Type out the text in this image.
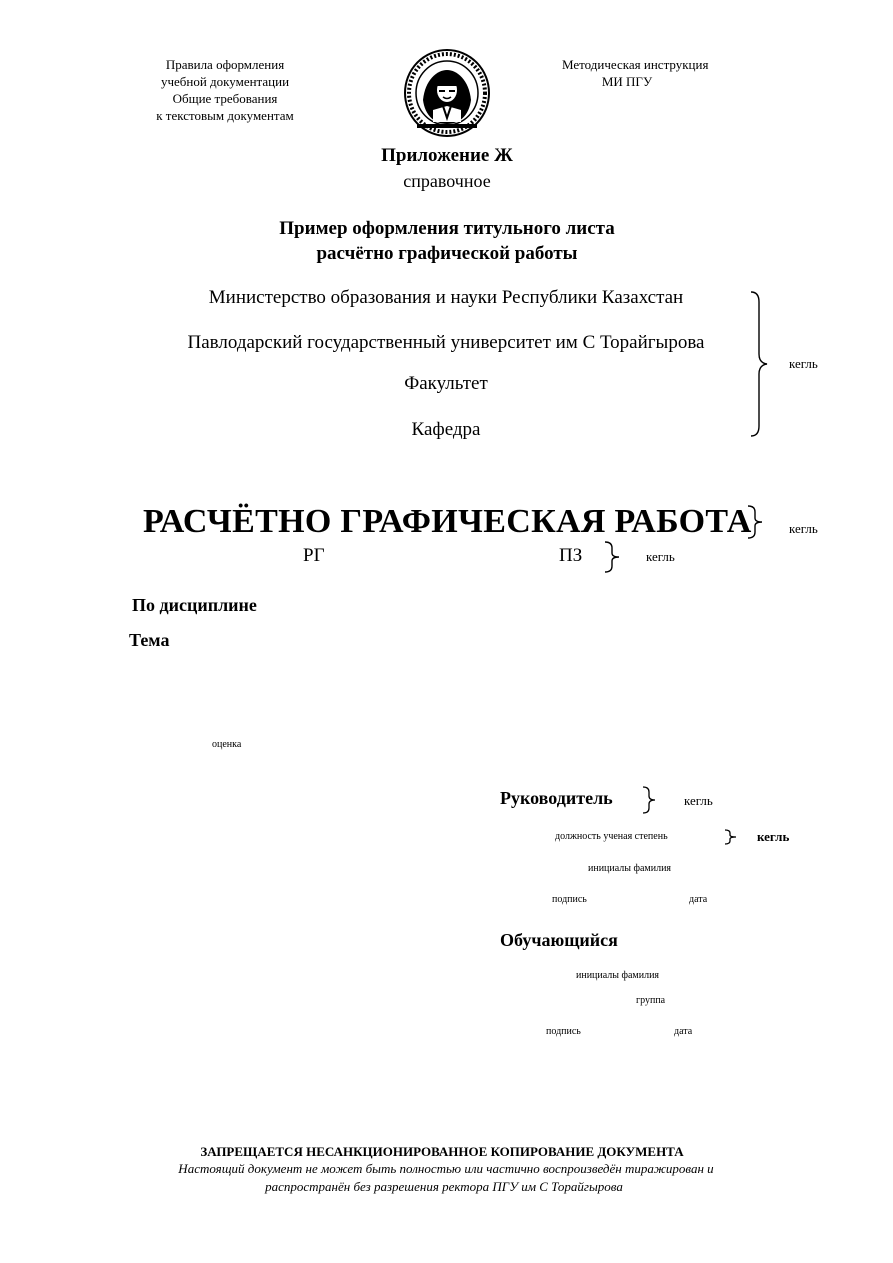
Правила оформления
учебной документации
Общие требования
к текстовым документам
Методическая инструкция
МИ ПГУ
Приложение Ж
справочное
Пример оформления титульного листа
расчётно графической работы
Министерство образования и науки Республики Казахстан
Павлодарский государственный университет им С Торайгырова
Факультет
Кафедра
кегль
РАСЧЁТНО ГРАФИЧЕСКАЯ РАБОТА	кегль
РГ	ПЗ	кегль
По дисциплине
Тема
оценка
Руководитель	кегль
должность ученая степень	кегль
инициалы фамилия
подпись	дата
Обучающийся
инициалы фамилия
группа
подпись	дата
ЗАПРЕЩАЕТСЯ НЕСАНКЦИОНИРОВАННОЕ КОПИРОВАНИЕ ДОКУМЕНТА
Настоящий документ не может быть полностью или частично воспроизведён тиражирован и
распространён без разрешения ректора ПГУ им С Торайгырова
